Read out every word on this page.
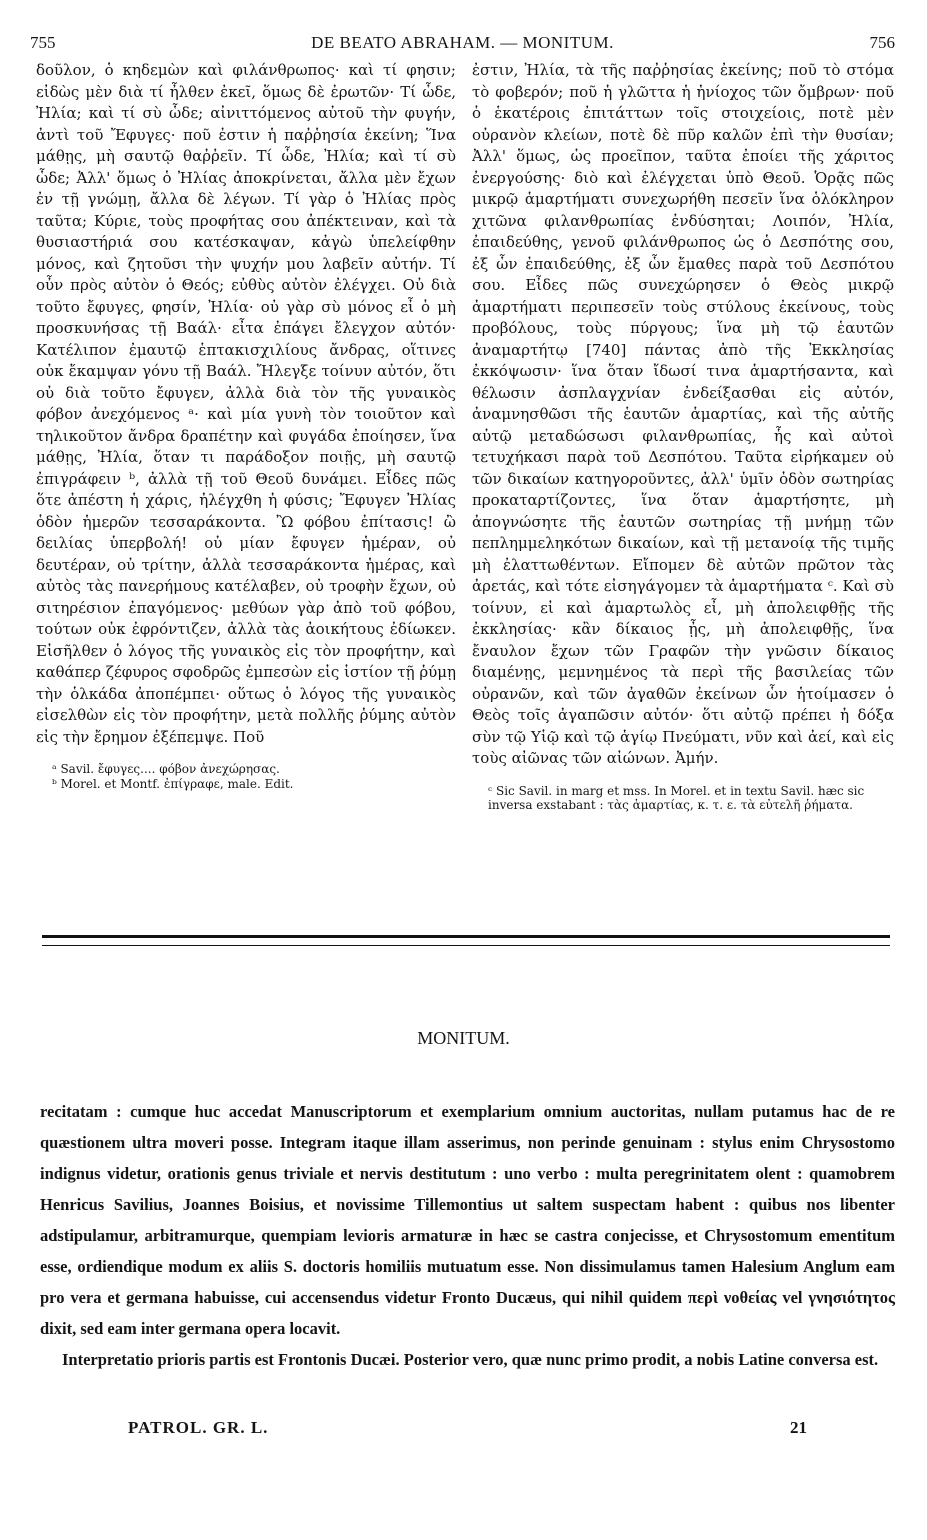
755	DE BEATO ABRAHAM. — MONITUM.	756

δοῦλον, ὁ κηδεμὼν καὶ φιλάνθρωπος· καὶ τί φησιν; εἰδὼς μὲν διὰ τί ἦλθεν ἐκεῖ, ὅμως δὲ ἐρωτῶν· Τί ὧδε, Ἠλία; καὶ τί σὺ ὧδε; αἰνιττόμενος αὐτοῦ τὴν φυγήν, ἀντὶ τοῦ Ἔφυγες· ποῦ ἐστιν ἡ παῤῥησία ἐκείνη; Ἵνα μάθῃς, μὴ σαυτῷ θαῤῥεῖν. Τί ὧδε, Ἠλία; καὶ τί σὺ ὧδε; Ἀλλ' ὅμως ὁ Ἠλίας ἀποκρίνεται, ἄλλα μὲν ἔχων ἐν τῇ γνώμῃ, ἄλλα δὲ λέγων. Τί γὰρ ὁ Ἠλίας πρὸς ταῦτα; Κύριε, τοὺς προφήτας σου ἀπέκτειναν, καὶ τὰ θυσιαστήριά σου κατέσκαψαν, κἀγὼ ὑπελείφθην μόνος, καὶ ζητοῦσι τὴν ψυχήν μου λαβεῖν αὐτήν. Τί οὖν πρὸς αὐτὸν ὁ Θεός; εὐθὺς αὐτὸν ἐλέγχει. Οὐ διὰ τοῦτο ἔφυγες, φησίν, Ἠλία· οὐ γὰρ σὺ μόνος εἶ ὁ μὴ προσκυνήσας τῇ Βαάλ· εἶτα ἐπάγει ἔλεγχον αὐτόν· Κατέλιπον ἐμαυτῷ ἑπτακισχιλίους ἄνδρας, οἵτινες οὐκ ἔκαμψαν γόνυ τῇ Βαάλ. Ἤλεγξε τοίνυν αὐτόν, ὅτι οὐ διὰ τοῦτο ἔφυγεν, ἀλλὰ διὰ τὸν τῆς γυναικὸς φόβον ἀνεχόμενος ᵃ· καὶ μία γυνὴ τὸν τοιοῦτον καὶ τηλικοῦτον ἄνδρα δραπέτην καὶ φυγάδα ἐποίησεν, ἵνα μάθῃς, Ἠλία, ὅταν τι παράδοξον ποιῇς, μὴ σαυτῷ ἐπιγράφειν ᵇ, ἀλλὰ τῇ τοῦ Θεοῦ δυνάμει. Εἶδες πῶς ὅτε ἀπέστη ἡ χάρις, ἠλέγχθη ἡ φύσις; Ἔφυγεν Ἠλίας ὁδὸν ἡμερῶν τεσσαράκοντα. Ὢ φόβου ἐπίτασις! ὢ δειλίας ὑπερβολή! οὐ μίαν ἔφυγεν ἡμέραν, οὐ δευτέραν, οὐ τρίτην, ἀλλὰ τεσσαράκοντα ἡμέρας, καὶ αὐτὸς τὰς πανερήμους κατέλαβεν, οὐ τροφὴν ἔχων, οὐ σιτηρέσιον ἐπαγόμενος· μεθύων γὰρ ἀπὸ τοῦ φόβου, τούτων οὐκ ἐφρόντιζεν, ἀλλὰ τὰς ἀοικήτους ἐδίωκεν. Εἰσῆλθεν ὁ λόγος τῆς γυναικὸς εἰς τὸν προφήτην, καὶ καθάπερ ζέφυρος σφοδρῶς ἐμπεσὼν εἰς ἱστίον τῇ ῥύμῃ τὴν ὁλκάδα ἀποπέμπει· οὕτως ὁ λόγος τῆς γυναικὸς εἰσελθὼν εἰς τὸν προφήτην, μετὰ πολλῆς ῥύμης αὐτὸν εἰς τὴν ἔρημον ἐξέπεμψε. Ποῦ

ᵃ Savil. ἔφυγες.... φόβον ἀνεχώρησας.

ᵇ Morel. et Montf. ἐπίγραφε, male. Edit.

ἐστιν, Ἠλία, τὰ τῆς παῤῥησίας ἐκείνης; ποῦ τὸ στόμα τὸ φοβερόν; ποῦ ἡ γλῶττα ἡ ἡνίοχος τῶν ὄμβρων· ποῦ ὁ ἑκατέροις ἐπιτάττων τοῖς στοιχείοις, ποτὲ μὲν οὐρανὸν κλείων, ποτὲ δὲ πῦρ καλῶν ἐπὶ τὴν θυσίαν; Ἀλλ' ὅμως, ὡς προεῖπον, ταῦτα ἐποίει τῆς χάριτος ἐνεργούσης· διὸ καὶ ἐλέγχεται ὑπὸ Θεοῦ. Ὁρᾷς πῶς μικρῷ ἁμαρτήματι συνεχωρήθη πεσεῖν ἵνα ὁλόκληρον χιτῶνα φιλανθρωπίας ἐνδύσηται; Λοιπόν, Ἠλία, ἐπαιδεύθης, γενοῦ φιλάνθρωπος ὡς ὁ Δεσπότης σου, ἐξ ὧν ἐπαιδεύθης, ἐξ ὧν ἔμαθες παρὰ τοῦ Δεσπότου σου. Εἶδες πῶς συνεχώρησεν ὁ Θεὸς μικρῷ ἁμαρτήματι περιπεσεῖν τοὺς στύλους ἐκείνους, τοὺς προβόλους, τοὺς πύργους; ἵνα μὴ τῷ ἑαυτῶν ἀναμαρτήτῳ [740] πάντας ἀπὸ τῆς Ἐκκλησίας ἐκκόψωσιν· ἵνα ὅταν ἴδωσί τινα ἁμαρτήσαντα, καὶ θέλωσιν ἀσπλαγχνίαν ἐνδείξασθαι εἰς αὐτόν, ἀναμνησθῶσι τῆς ἑαυτῶν ἁμαρτίας, καὶ τῆς αὐτῆς αὐτῷ μεταδώσωσι φιλανθρωπίας, ἧς καὶ αὐτοὶ τετυχήκασι παρὰ τοῦ Δεσπότου. Ταῦτα εἰρήκαμεν οὐ τῶν δικαίων κατηγοροῦντες, ἀλλ' ὑμῖν ὁδὸν σωτηρίας προκαταρτίζοντες, ἵνα ὅταν ἁμαρτήσητε, μὴ ἀπογνώσητε τῆς ἑαυτῶν σωτηρίας τῇ μνήμῃ τῶν πεπλημμεληκότων δικαίων, καὶ τῇ μετανοίᾳ τῆς τιμῆς μὴ ἐλαττωθέντων. Εἴπομεν δὲ αὐτῶν πρῶτον τὰς ἀρετάς, καὶ τότε εἰσηγάγομεν τὰ ἁμαρτήματα ᶜ. Καὶ σὺ τοίνυν, εἰ καὶ ἁμαρτωλὸς εἶ, μὴ ἀπολειφθῇς τῆς ἐκκλησίας· κἂν δίκαιος ᾖς, μὴ ἀπολειφθῇς, ἵνα ἔναυλον ἔχων τῶν Γραφῶν τὴν γνῶσιν δίκαιος διαμένῃς, μεμνημένος τὰ περὶ τῆς βασιλείας τῶν οὐρανῶν, καὶ τῶν ἀγαθῶν ἐκείνων ὧν ἡτοίμασεν ὁ Θεὸς τοῖς ἀγαπῶσιν αὐτόν· ὅτι αὐτῷ πρέπει ἡ δόξα σὺν τῷ Υἱῷ καὶ τῷ ἁγίῳ Πνεύματι, νῦν καὶ ἀεί, καὶ εἰς τοὺς αἰῶνας τῶν αἰώνων. Ἀμήν.

ᶜ Sic Savil. in marg et mss. In Morel. et in textu Savil. hæc sic inversa exstabant : τὰς ἁμαρτίας, κ. τ. ε. τὰ εὐτελῆ ῥήματα.

MONITUM.

recitatam : cumque huc accedat Manuscriptorum et exemplarium omnium auctoritas, nullam putamus hac de re quæstionem ultra moveri posse. Integram itaque illam asserimus, non perinde genuinam : stylus enim Chrysostomo indignus videtur, orationis genus triviale et nervis destitutum : uno verbo : multa peregrinitatem olent : quamobrem Henricus Savilius, Joannes Boisius, et novissime Tillemontius ut saltem suspectam habent : quibus nos libenter adstipulamur, arbitramurque, quempiam levioris armaturæ in hæc se castra conjecisse, et Chrysostomum ementitum esse, ordiendique modum ex aliis S. doctoris homiliis mutuatum esse. Non dissimulamus tamen Halesium Anglum eam pro vera et germana habuisse, cui accensendus videtur Fronto Ducæus, qui nihil quidem περὶ νοθείας vel γνησιότητος dixit, sed eam inter germana opera locavit.

Interpretatio prioris partis est Frontonis Ducæi. Posterior vero, quæ nunc primo prodit, a nobis Latine conversa est.

PATROL. GR. L.	21
